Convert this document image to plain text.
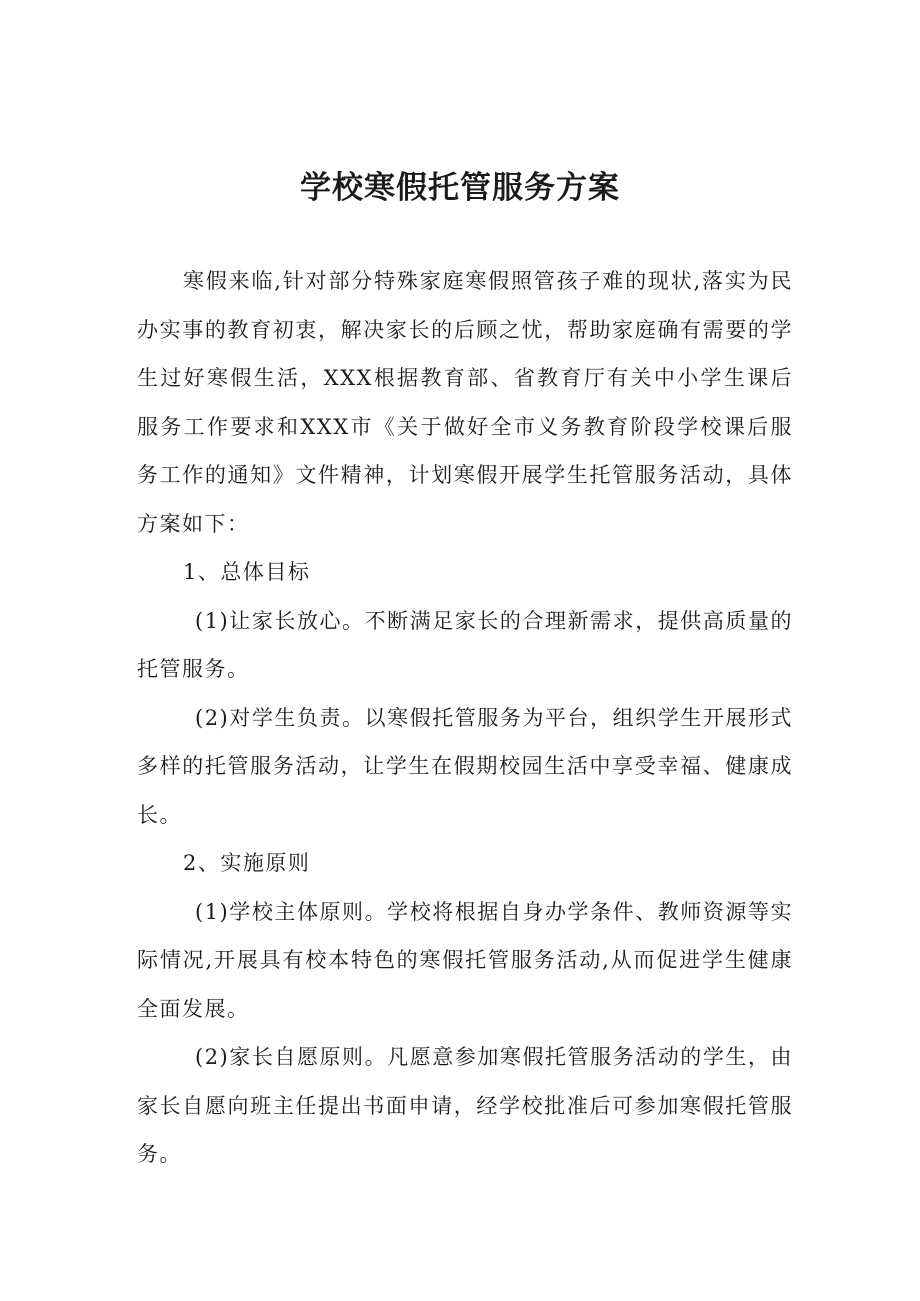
学校寒假托管服务方案

寒假来临,针对部分特殊家庭寒假照管孩子难的现状,落实为民办实事的教育初衷，解决家长的后顾之忧，帮助家庭确有需要的学生过好寒假生活，XXX根据教育部、省教育厅有关中小学生课后服务工作要求和XXX市《关于做好全市义务教育阶段学校课后服务工作的通知》文件精神，计划寒假开展学生托管服务活动，具体方案如下：

1、总体目标

(1)让家长放心。不断满足家长的合理新需求，提供高质量的托管服务。

(2)对学生负责。以寒假托管服务为平台，组织学生开展形式多样的托管服务活动，让学生在假期校园生活中享受幸福、健康成长。

2、实施原则

(1)学校主体原则。学校将根据自身办学条件、教师资源等实际情况,开展具有校本特色的寒假托管服务活动,从而促进学生健康全面发展。

(2)家长自愿原则。凡愿意参加寒假托管服务活动的学生，由家长自愿向班主任提出书面申请，经学校批准后可参加寒假托管服务。
